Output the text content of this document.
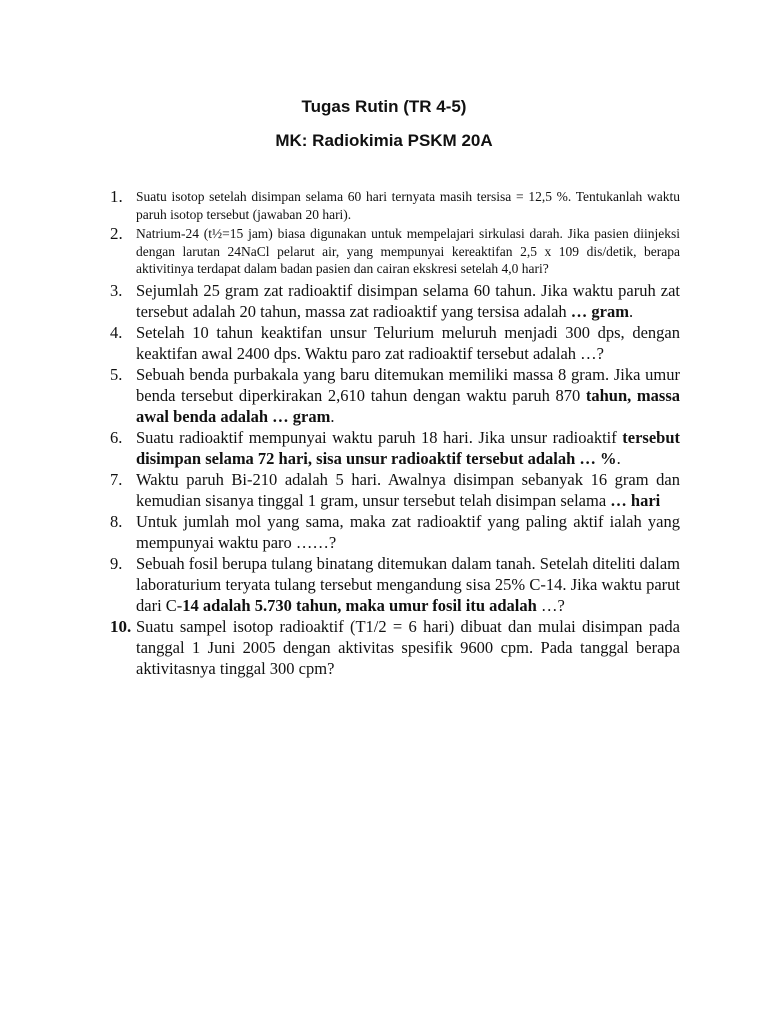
Tugas Rutin (TR 4-5)
MK: Radiokimia PSKM 20A
1. Suatu isotop setelah disimpan selama 60 hari ternyata masih tersisa = 12,5 %. Tentukanlah waktu paruh isotop tersebut (jawaban 20 hari).
2. Natrium-24 (t½=15 jam) biasa digunakan untuk mempelajari sirkulasi darah. Jika pasien diinjeksi dengan larutan 24NaCl pelarut air, yang mempunyai kereaktifan 2,5 x 109 dis/detik, berapa aktivitinya terdapat dalam badan pasien dan cairan ekskresi setelah 4,0 hari?
3. Sejumlah 25 gram zat radioaktif disimpan selama 60 tahun. Jika waktu paruh zat tersebut adalah 20 tahun, massa zat radioaktif yang tersisa adalah … gram.
4. Setelah 10 tahun keaktifan unsur Telurium meluruh menjadi 300 dps, dengan keaktifan awal 2400 dps. Waktu paro zat radioaktif tersebut adalah …?
5. Sebuah benda purbakala yang baru ditemukan memiliki massa 8 gram. Jika umur benda tersebut diperkirakan 2,610 tahun dengan waktu paruh 870 tahun, massa awal benda adalah … gram.
6. Suatu radioaktif mempunyai waktu paruh 18 hari. Jika unsur radioaktif tersebut disimpan selama 72 hari, sisa unsur radioaktif tersebut adalah … %.
7. Waktu paruh Bi-210 adalah 5 hari. Awalnya disimpan sebanyak 16 gram dan kemudian sisanya tinggal 1 gram, unsur tersebut telah disimpan selama … hari
8. Untuk jumlah mol yang sama, maka zat radioaktif yang paling aktif ialah yang mempunyai waktu paro ……?
9. Sebuah fosil berupa tulang binatang ditemukan dalam tanah. Setelah diteliti dalam laboraturium teryata tulang tersebut mengandung sisa 25% C-14. Jika waktu parut dari C-14 adalah 5.730 tahun, maka umur fosil itu adalah …?
10. Suatu sampel isotop radioaktif (T1/2 = 6 hari) dibuat dan mulai disimpan pada tanggal 1 Juni 2005 dengan aktivitas spesifik 9600 cpm. Pada tanggal berapa aktivitasnya tinggal 300 cpm?
